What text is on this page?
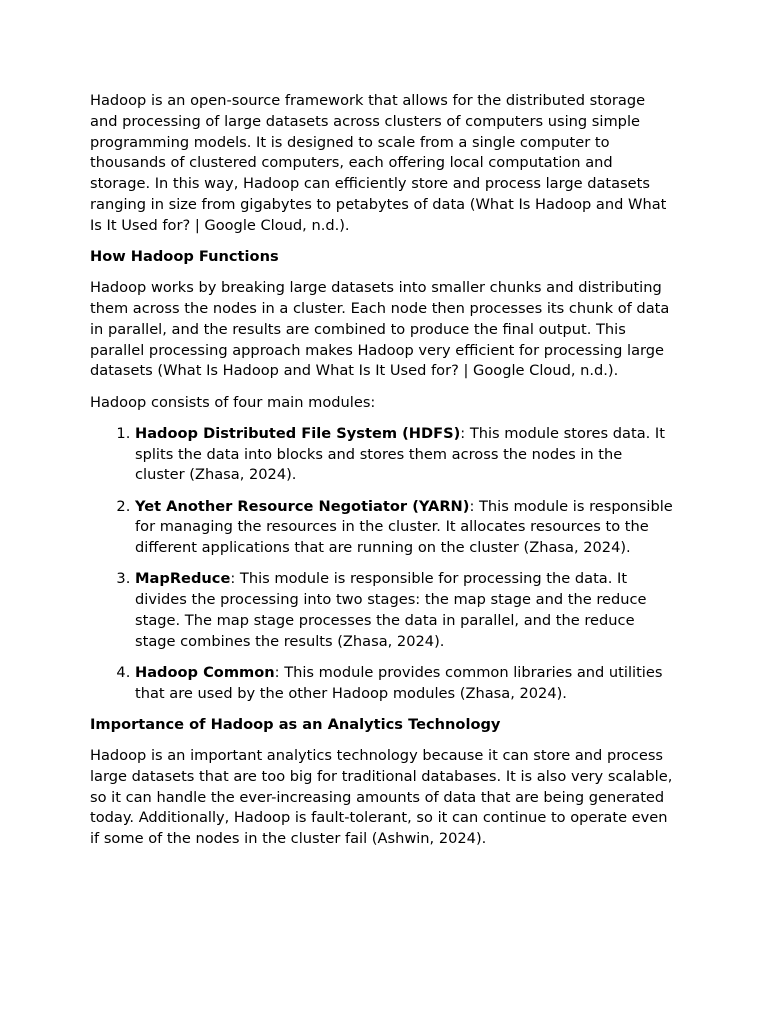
Hadoop is an open-source framework that allows for the distributed storage and processing of large datasets across clusters of computers using simple programming models. It is designed to scale from a single computer to thousands of clustered computers, each offering local computation and storage. In this way, Hadoop can efficiently store and process large datasets ranging in size from gigabytes to petabytes of data (What Is Hadoop and What Is It Used for? | Google Cloud, n.d.).

How Hadoop Functions

Hadoop works by breaking large datasets into smaller chunks and distributing them across the nodes in a cluster. Each node then processes its chunk of data in parallel, and the results are combined to produce the final output. This parallel processing approach makes Hadoop very efficient for processing large datasets (What Is Hadoop and What Is It Used for? | Google Cloud, n.d.).

Hadoop consists of four main modules:

1. Hadoop Distributed File System (HDFS): This module stores data. It splits the data into blocks and stores them across the nodes in the cluster (Zhasa, 2024).
2. Yet Another Resource Negotiator (YARN): This module is responsible for managing the resources in the cluster. It allocates resources to the different applications that are running on the cluster (Zhasa, 2024).
3. MapReduce: This module is responsible for processing the data. It divides the processing into two stages: the map stage and the reduce stage. The map stage processes the data in parallel, and the reduce stage combines the results (Zhasa, 2024).
4. Hadoop Common: This module provides common libraries and utilities that are used by the other Hadoop modules (Zhasa, 2024).
Importance of Hadoop as an Analytics Technology

Hadoop is an important analytics technology because it can store and process large datasets that are too big for traditional databases. It is also very scalable, so it can handle the ever-increasing amounts of data that are being generated today. Additionally, Hadoop is fault-tolerant, so it can continue to operate even if some of the nodes in the cluster fail (Ashwin, 2024).
